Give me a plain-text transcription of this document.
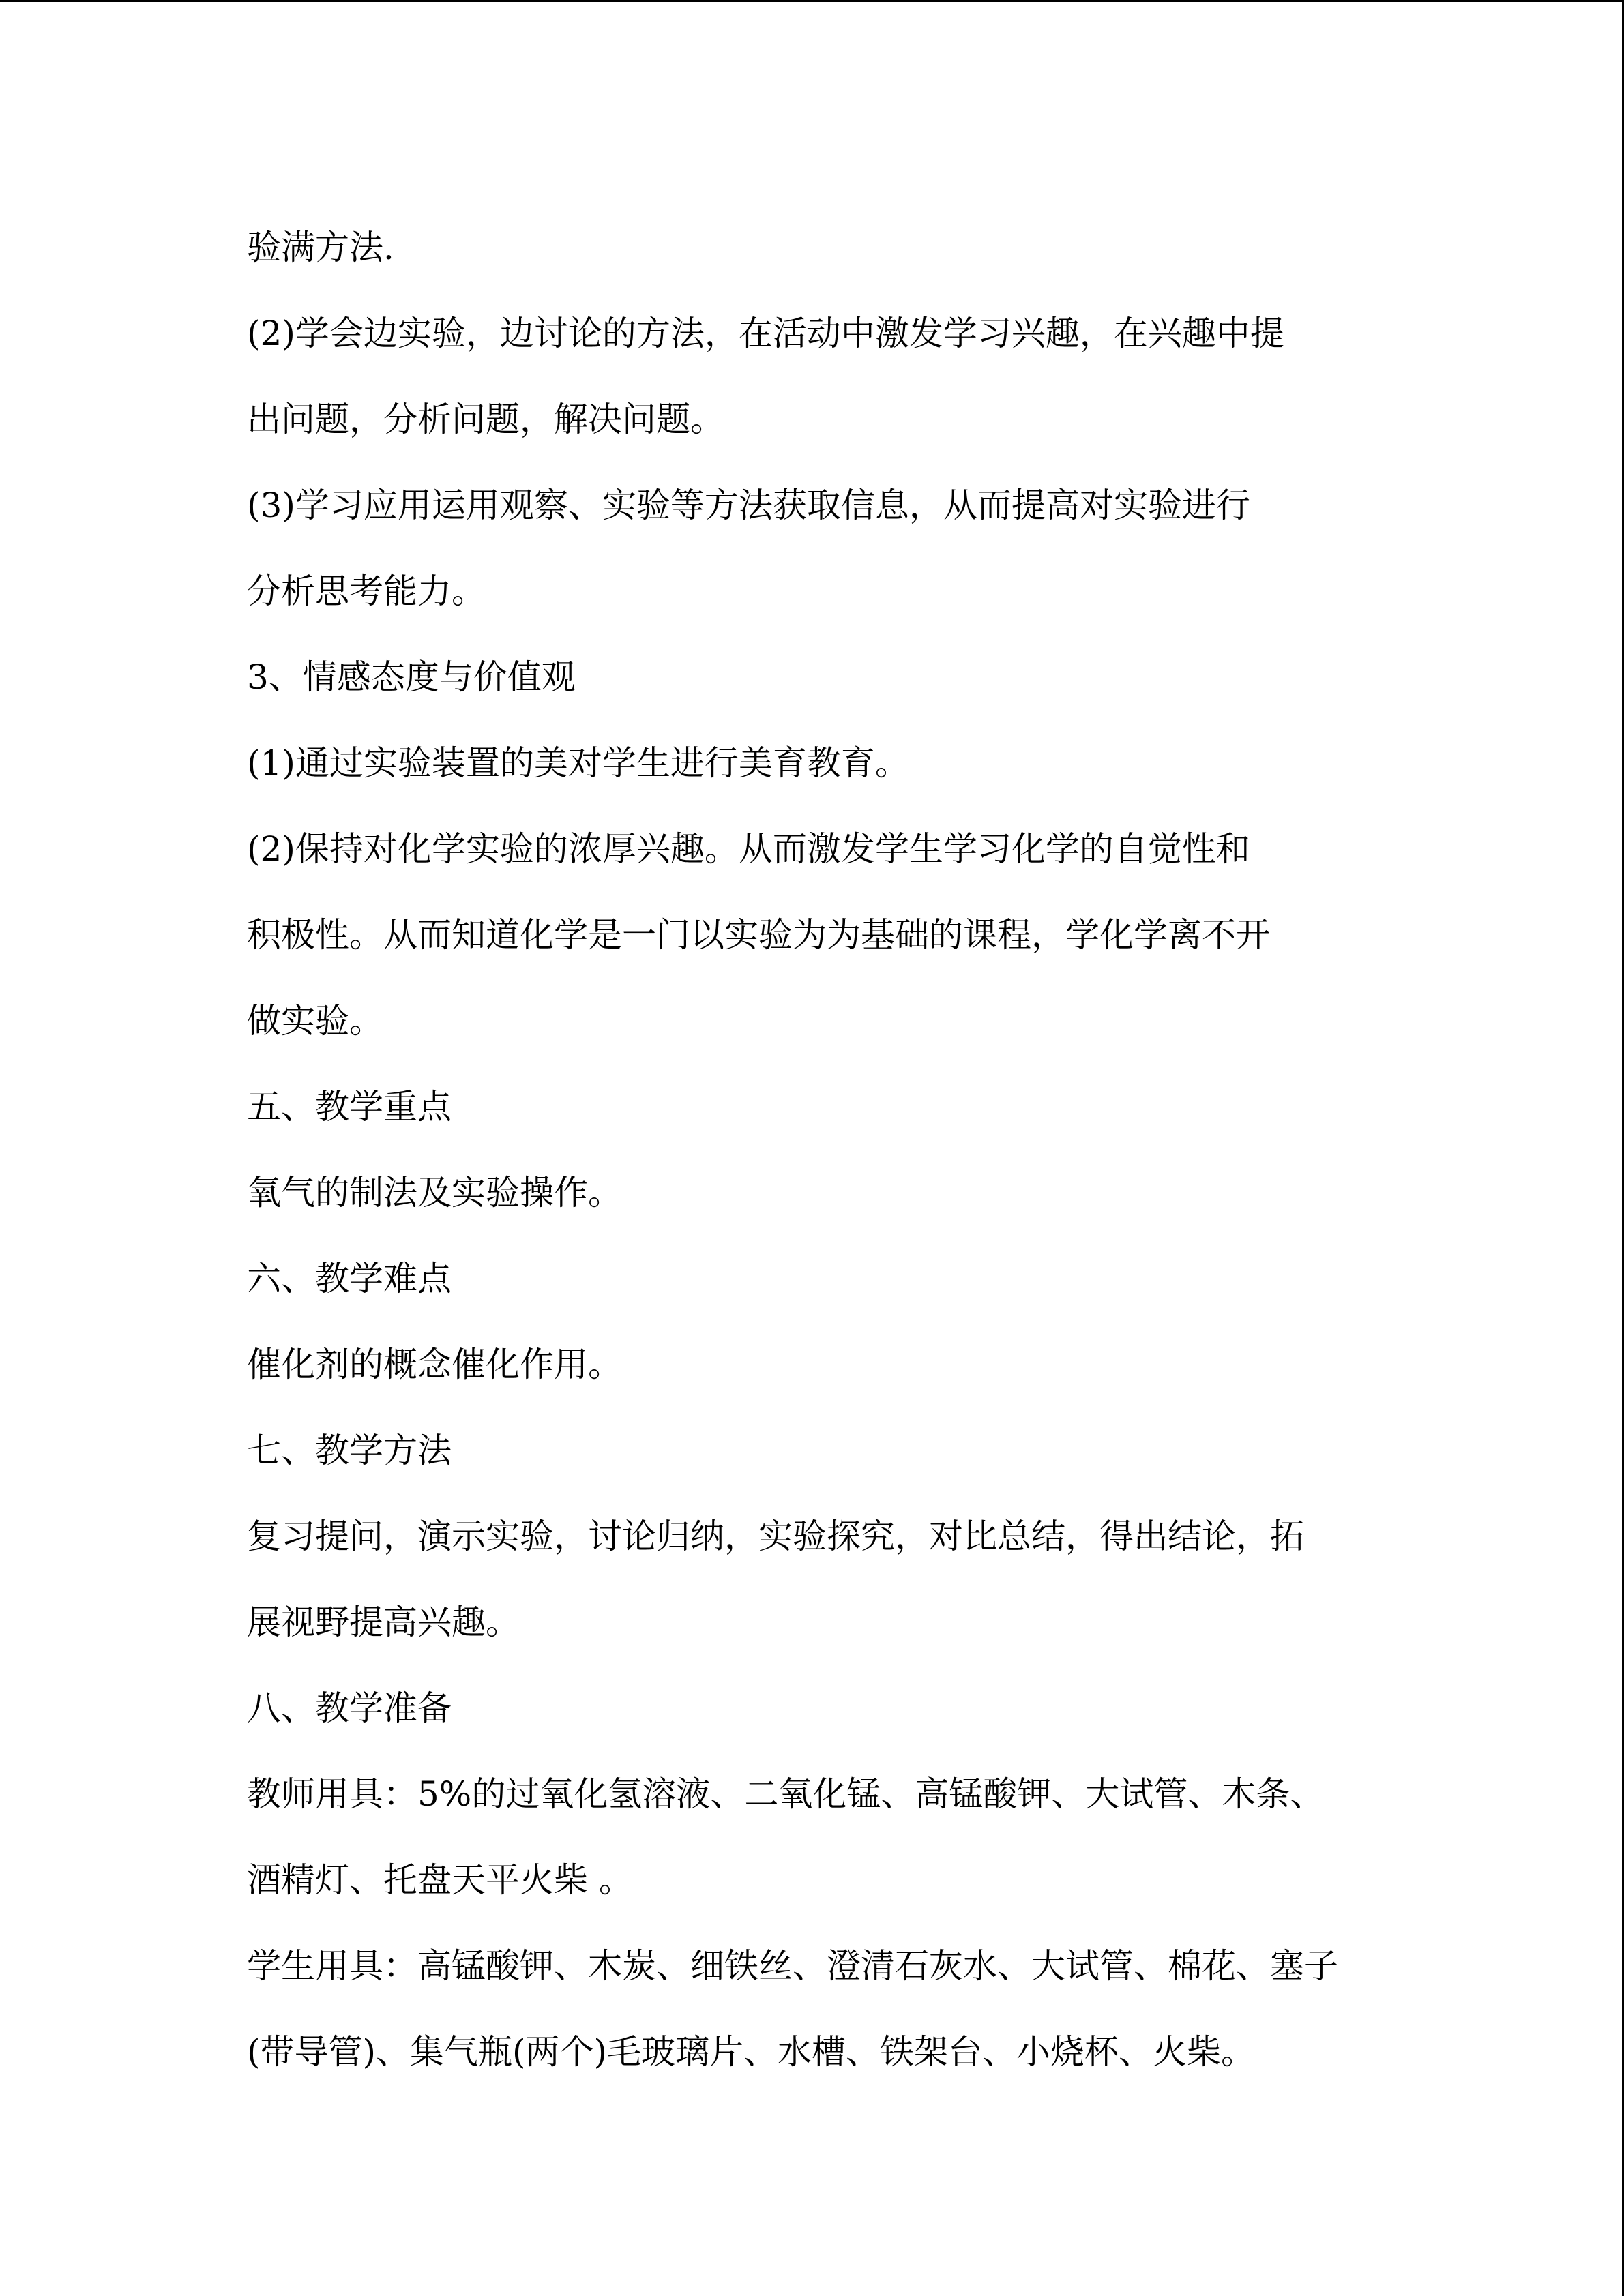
验满方法.
(2)学会边实验，边讨论的方法，在活动中激发学习兴趣，在兴趣中提
出问题，分析问题，解决问题。
(3)学习应用运用观察、实验等方法获取信息，从而提高对实验进行
分析思考能力。
3、情感态度与价值观
(1)通过实验装置的美对学生进行美育教育。
(2)保持对化学实验的浓厚兴趣。从而激发学生学习化学的自觉性和
积极性。从而知道化学是一门以实验为为基础的课程，学化学离不开
做实验。
五、教学重点
氧气的制法及实验操作。
六、教学难点
催化剂的概念催化作用。
七、教学方法
复习提问，演示实验，讨论归纳，实验探究，对比总结，得出结论，拓
展视野提高兴趣。
八、教学准备
教师用具：5%的过氧化氢溶液、二氧化锰、高锰酸钾、大试管、木条、
酒精灯、托盘天平火柴 。
学生用具：高锰酸钾、木炭、细铁丝、澄清石灰水、大试管、棉花、塞子
(带导管)、集气瓶(两个)毛玻璃片、水槽、铁架台、小烧杯、火柴。
